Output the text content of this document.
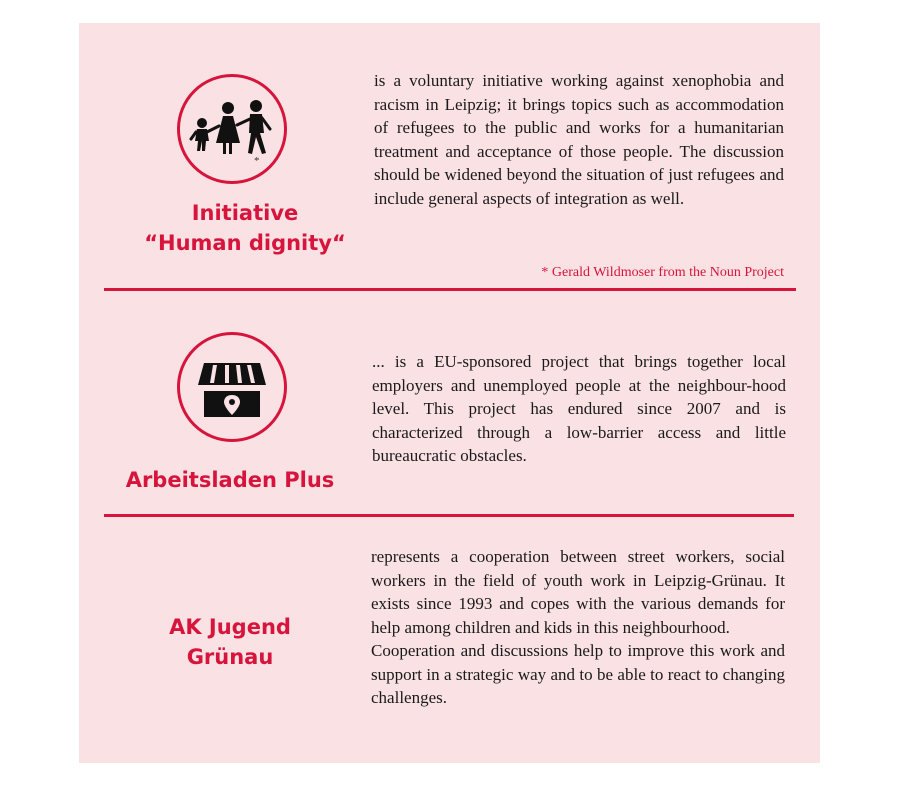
*
Initiative
“Human dignity“

is a voluntary initiative working against xenophobia and racism in Leipzig; it brings topics such as accommodation of refugees to the public and works for a humanitarian treatment and acceptance of those people. The discussion should be widened beyond the situation of just refugees and include general aspects of integration as well.

* Gerald Wildmoser from the Noun Project
Arbeitsladen Plus

... is a EU-sponsored project that brings together local employers and unemployed people at the neighbour-hood level. This project has endured since 2007 and is characterized through a low-barrier access and little bureaucratic obstacles.

AK Jugend
Grünau

represents a cooperation between street workers, social workers in the field of youth work in Leipzig-Grünau. It exists since 1993 and copes with the various demands for help among children and kids in this neighbourhood.

Cooperation and discussions help to improve this work and support in a strategic way and to be able to react to changing challenges.
